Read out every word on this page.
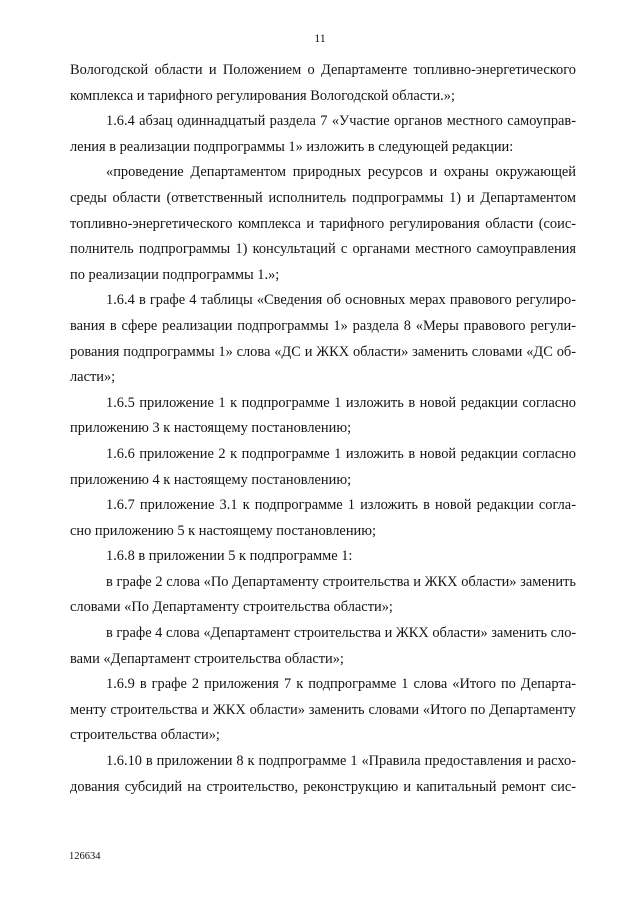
11
Вологодской области и Положением о Департаменте топливно-энергетического
комплекса и тарифного регулирования Вологодской области.»;
1.6.4 абзац одиннадцатый раздела 7 «Участие органов местного самоуправ-
ления в реализации подпрограммы 1» изложить в следующей редакции:
«проведение Департаментом природных ресурсов и охраны окружающей
среды области (ответственный исполнитель подпрограммы 1) и Департаментом
топливно-энергетического комплекса и тарифного регулирования области (соис-
полнитель подпрограммы 1) консультаций с органами местного самоуправления
по реализации подпрограммы 1.»;
1.6.4 в графе 4 таблицы «Сведения об основных мерах правового регулиро-
вания в сфере реализации подпрограммы 1» раздела 8 «Меры правового регули-
рования подпрограммы 1» слова «ДС и ЖКХ области» заменить словами «ДС об-
ласти»;
1.6.5 приложение 1 к подпрограмме 1 изложить в новой редакции согласно
приложению 3 к настоящему постановлению;
1.6.6 приложение 2 к подпрограмме 1 изложить в новой редакции согласно
приложению 4 к настоящему постановлению;
1.6.7 приложение 3.1 к подпрограмме 1 изложить в новой редакции согла-
сно приложению 5 к настоящему постановлению;
1.6.8 в приложении 5 к подпрограмме 1:
в графе 2 слова «По Департаменту строительства и ЖКХ области» заменить
словами «По Департаменту строительства области»;
в графе 4 слова «Департамент строительства и ЖКХ области» заменить сло-
вами «Департамент строительства области»;
1.6.9 в графе 2 приложения 7 к подпрограмме 1 слова «Итого по Департа-
менту строительства и ЖКХ области» заменить словами «Итого по Департаменту
строительства области»;
1.6.10 в приложении 8 к подпрограмме 1 «Правила предоставления и расхо-
дования субсидий на строительство, реконструкцию и капитальный ремонт сис-
126634
